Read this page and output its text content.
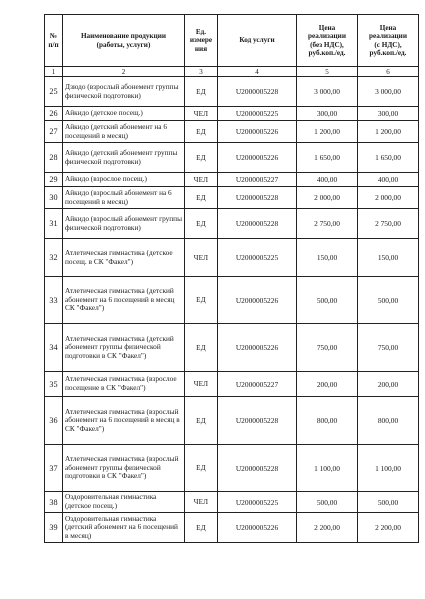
№
п/п	Наименование продукции
(работы, услуги)	Ед.
измере
ния	Код услуги	Цена
реализации
(без НДС),
руб.коп./ед.	Цена
реализации
(с НДС),
руб.коп./ед.
1	2	3	4	5	6
25	Дзюдо (взрослый абонемент группы физической подготовки)	ЕД	U2000005228	3 000,00	3 000,00
26	Айкидо (детское посещ.)	ЧЕЛ	U2000005225	300,00	300,00
27	Айкидо (детский абонемент на 6 посещений в месяц)	ЕД	U2000005226	1 200,00	1 200,00
28	Айкидо (детский абонемент группы физической подготовки)	ЕД	U2000005226	1 650,00	1 650,00
29	Айкидо (взрослое посещ.)	ЧЕЛ	U2000005227	400,00	400,00
30	Айкидо (взрослый абонемент на 6 посещений в месяц)	ЕД	U2000005228	2 000,00	2 000,00
31	Айкидо (взрослый абонемент группы физической подготовки)	ЕД	U2000005228	2 750,00	2 750,00
32	Атлетическая гимнастика (детское посещ. в СК "Факел")	ЧЕЛ	U2000005225	150,00	150,00
33	Атлетическая гимнастика (детский абонемент на 6 посещений в месяц СК "Факел")	ЕД	U2000005226	500,00	500,00
34	Атлетическая гимнастика (детский абонемент группы физической подготовки в СК "Факел")	ЕД	U2000005226	750,00	750,00
35	Атлетическая гимнастика (взрослое посещение в СК "Факел")	ЧЕЛ	U2000005227	200,00	200,00
36	Атлетическая гимнастика (взрослый абонемент на 6 посещений в месяц в СК "Факел")	ЕД	U2000005228	800,00	800,00
37	Атлетическая гимнастика (взрослый абонемент группы физической подготовки в СК "Факел")	ЕД	U2000005228	1 100,00	1 100,00
38	Оздоровительная гимнастика (детское посещ.)	ЧЕЛ	U2000005225	500,00	500,00
39	Оздоровительная гимнастика (детский абонемент на 6 посещений в месяц)	ЕД	U2000005226	2 200,00	2 200,00
